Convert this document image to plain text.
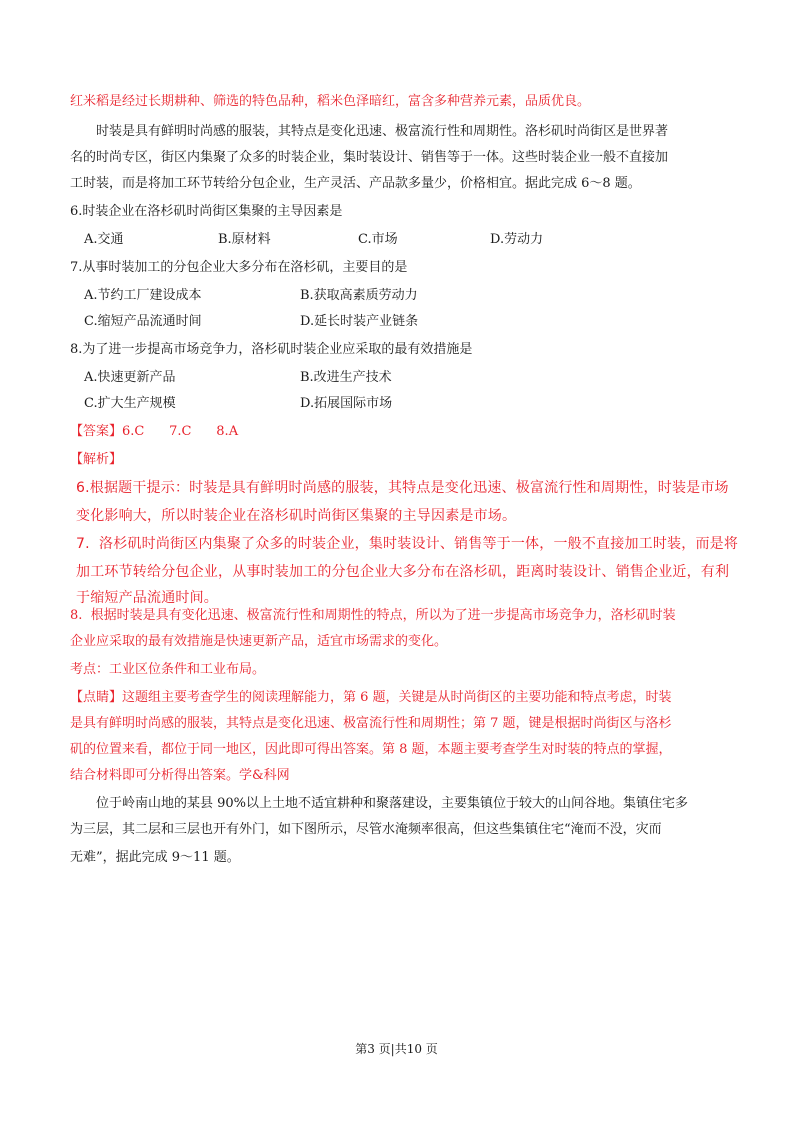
红米稻是经过长期耕种、筛选的特色品种，稻米色泽暗红，富含多种营养元素，品质优良。
时装是具有鲜明时尚感的服装，其特点是变化迅速、极富流行性和周期性。洛杉矶时尚街区是世界著
名的时尚专区，街区内集聚了众多的时装企业，集时装设计、销售等于一体。这些时装企业一般不直接加
工时装，而是将加工环节转给分包企业，生产灵活、产品款多量少，价格相宜。据此完成 6～8 题。
6.时装企业在洛杉矶时尚街区集聚的主导因素是
A.交通	B.原材料	C.市场	D.劳动力
7.从事时装加工的分包企业大多分布在洛杉矶，主要目的是
A.节约工厂建设成本	B.获取高素质劳动力
C.缩短产品流通时间	D.延长时装产业链条
8.为了进一步提高市场竞争力，洛杉矶时装企业应采取的最有效措施是
A.快速更新产品	B.改进生产技术
C.扩大生产规模	D.拓展国际市场
【答案】6.C      7.C      8.A
【解析】
6.根据题干提示：时装是具有鲜明时尚感的服装，其特点是变化迅速、极富流行性和周期性，时装是市场
变化影响大，所以时装企业在洛杉矶时尚街区集聚的主导因素是市场。
7.  洛杉矶时尚街区内集聚了众多的时装企业，集时装设计、销售等于一体，一般不直接加工时装，而是将
加工环节转给分包企业，从事时装加工的分包企业大多分布在洛杉矶，距离时装设计、销售企业近，有利
于缩短产品流通时间。
8.  根据时装是具有变化迅速、极富流行性和周期性的特点，所以为了进一步提高市场竞争力，洛杉矶时装
企业应采取的最有效措施是快速更新产品，适宜市场需求的变化。
考点：工业区位条件和工业布局。
【点睛】这题组主要考查学生的阅读理解能力，第 6 题，关键是从时尚街区的主要功能和特点考虑，时装
是具有鲜明时尚感的服装，其特点是变化迅速、极富流行性和周期性；第 7 题，键是根据时尚街区与洛杉
矶的位置来看，都位于同一地区，因此即可得出答案。第 8 题，本题主要考查学生对时装的特点的掌握，
结合材料即可分析得出答案。学&科网
位于岭南山地的某县 90%以上土地不适宜耕种和聚落建设，主要集镇位于较大的山间谷地。集镇住宅多
为三层，其二层和三层也开有外门，如下图所示，尽管水淹频率很高，但这些集镇住宅“淹而不没，灾而
无难”，据此完成 9～11 题。
第3 页|共10 页
